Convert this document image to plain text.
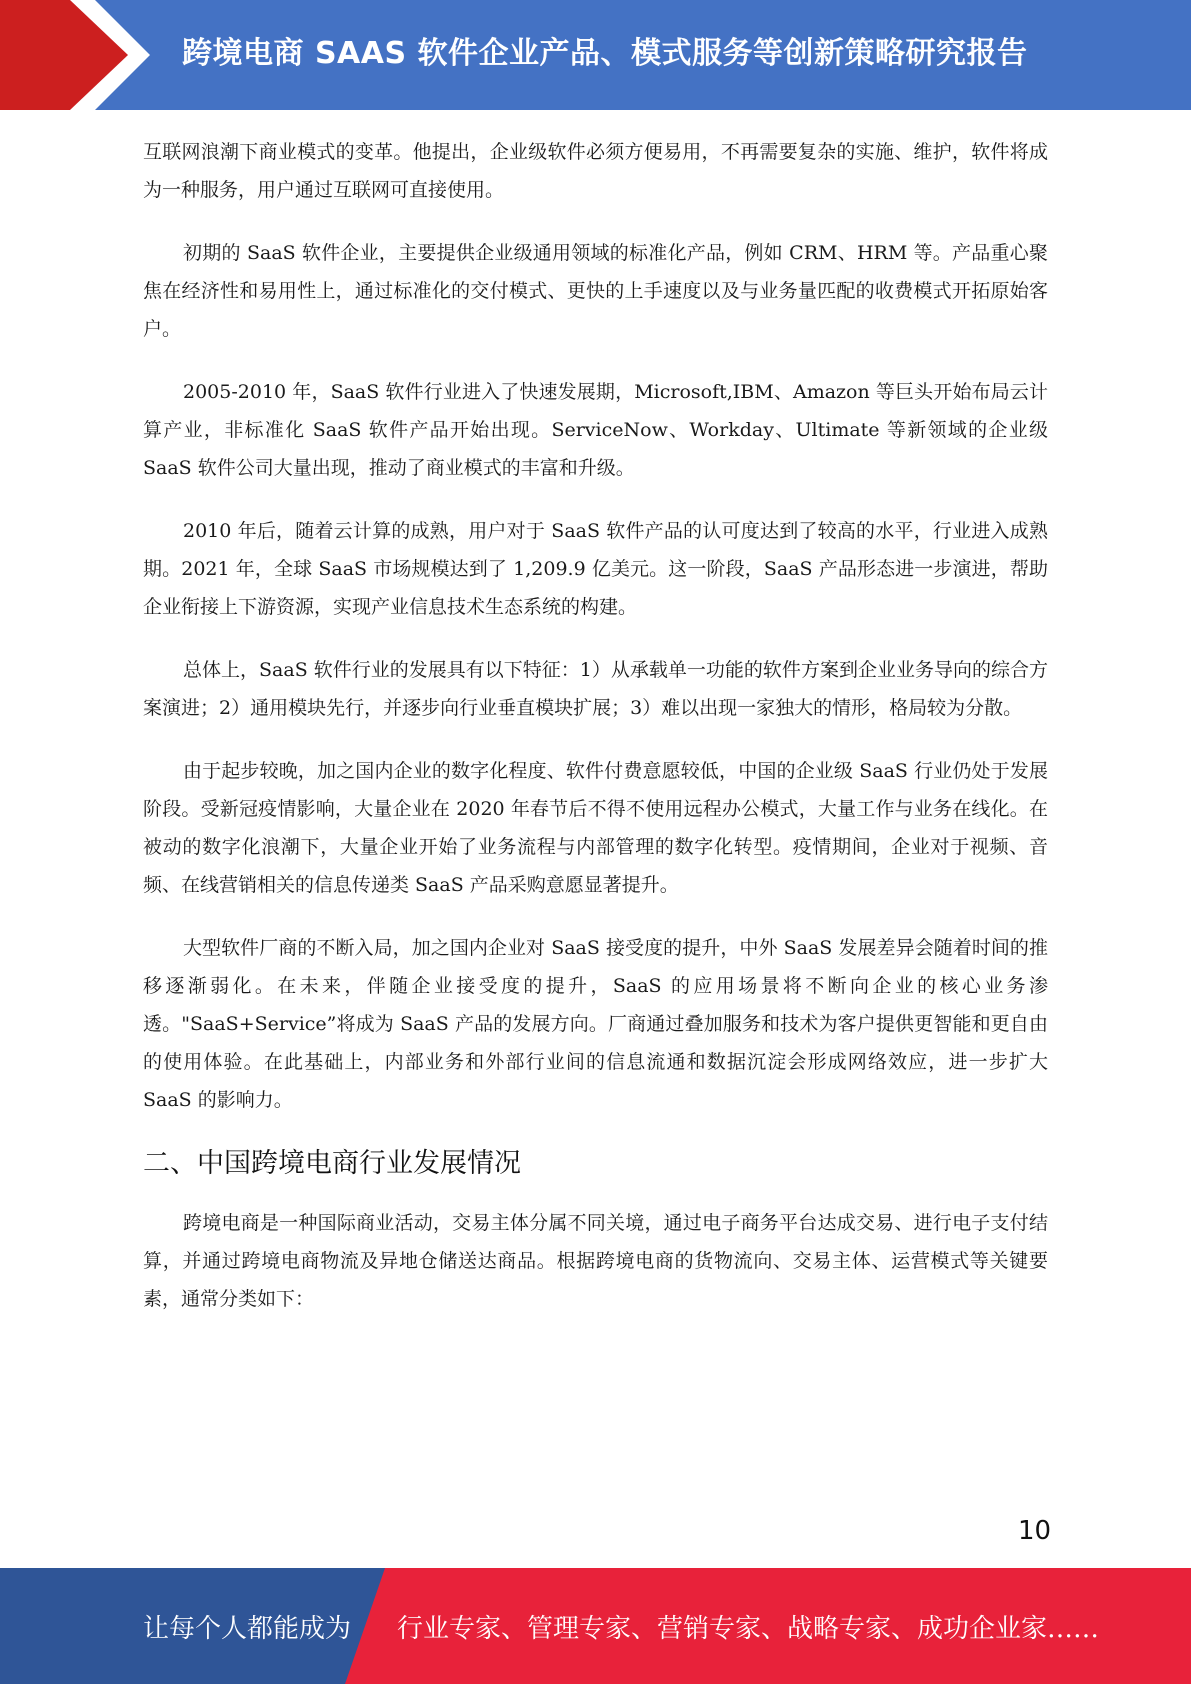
跨境电商 SAAS 软件企业产品、模式服务等创新策略研究报告

互联网浪潮下商业模式的变革。他提出，企业级软件必须方便易用，不再需要复杂的实施、维护，软件将成为一种服务，用户通过互联网可直接使用。

初期的 SaaS 软件企业，主要提供企业级通用领域的标准化产品，例如 CRM、HRM 等。产品重心聚焦在经济性和易用性上，通过标准化的交付模式、更快的上手速度以及与业务量匹配的收费模式开拓原始客户。

2005-2010 年，SaaS 软件行业进入了快速发展期，Microsoft,IBM、Amazon 等巨头开始布局云计算产业，非标准化 SaaS 软件产品开始出现。ServiceNow、Workday、Ultimate 等新领域的企业级 SaaS 软件公司大量出现，推动了商业模式的丰富和升级。

2010 年后，随着云计算的成熟，用户对于 SaaS 软件产品的认可度达到了较高的水平，行业进入成熟期。2021 年，全球 SaaS 市场规模达到了 1,209.9 亿美元。这一阶段，SaaS 产品形态进一步演进，帮助企业衔接上下游资源，实现产业信息技术生态系统的构建。

总体上，SaaS 软件行业的发展具有以下特征：1）从承载单一功能的软件方案到企业业务导向的综合方案演进；2）通用模块先行，并逐步向行业垂直模块扩展；3）难以出现一家独大的情形，格局较为分散。

由于起步较晚，加之国内企业的数字化程度、软件付费意愿较低，中国的企业级 SaaS 行业仍处于发展阶段。受新冠疫情影响，大量企业在 2020 年春节后不得不使用远程办公模式，大量工作与业务在线化。在被动的数字化浪潮下，大量企业开始了业务流程与内部管理的数字化转型。疫情期间，企业对于视频、音频、在线营销相关的信息传递类 SaaS 产品采购意愿显著提升。

大型软件厂商的不断入局，加之国内企业对 SaaS 接受度的提升，中外 SaaS 发展差异会随着时间的推移逐渐弱化。在未来，伴随企业接受度的提升，SaaS 的应用场景将不断向企业的核心业务渗透。"SaaS+Service”将成为 SaaS 产品的发展方向。厂商通过叠加服务和技术为客户提供更智能和更自由的使用体验。在此基础上，内部业务和外部行业间的信息流通和数据沉淀会形成网络效应，进一步扩大 SaaS 的影响力。

二、中国跨境电商行业发展情况

跨境电商是一种国际商业活动，交易主体分属不同关境，通过电子商务平台达成交易、进行电子支付结算，并通过跨境电商物流及异地仓储送达商品。根据跨境电商的货物流向、交易主体、运营模式等关键要素，通常分类如下：

10
让每个人都能成为 行业专家、管理专家、营销专家、战略专家、成功企业家……
